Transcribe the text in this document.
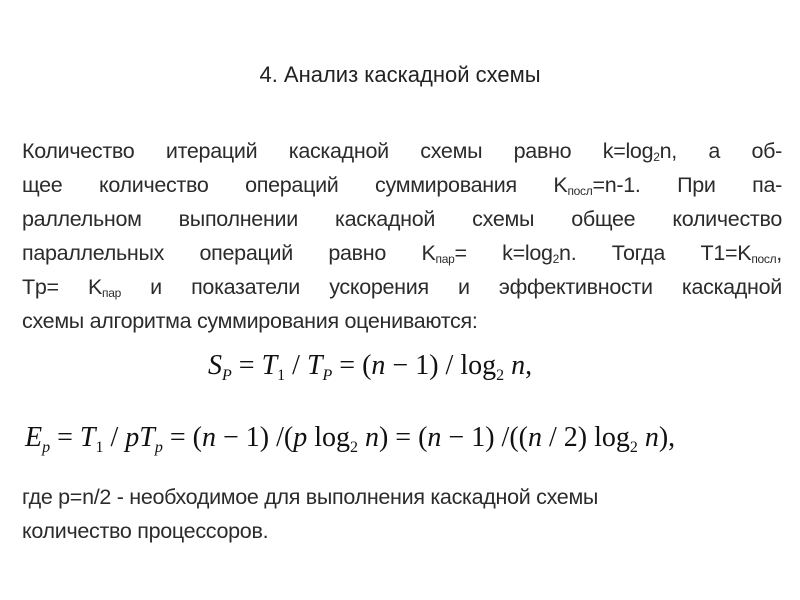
4. Анализ каскадной схемы
Количество итераций каскадной схемы равно $k=\log_2n$, а об-
щее количество операций суммирования $K_{посл}=n-1$. При па-
раллельном выполнении каскадной схемы общее количество
параллельных операций равно $K_{пар}= k=\log_2n$. Тогда $T1=K_{посл}$,
$Tp= K_{пар}$ и показатели ускорения и эффективности каскадной
схемы алгоритма суммирования оцениваются:
$S_P = T_1 / T_P = (n - 1) / \log_2 n$,
$E_p = T_1 / pT_p = (n - 1)$ /(p $\log_2 n) = (n - 1)$ /((n / 2) $\log_2 n$),
где p=n/2 - необходимое для выполнения каскадной схемы
количество процессоров.
